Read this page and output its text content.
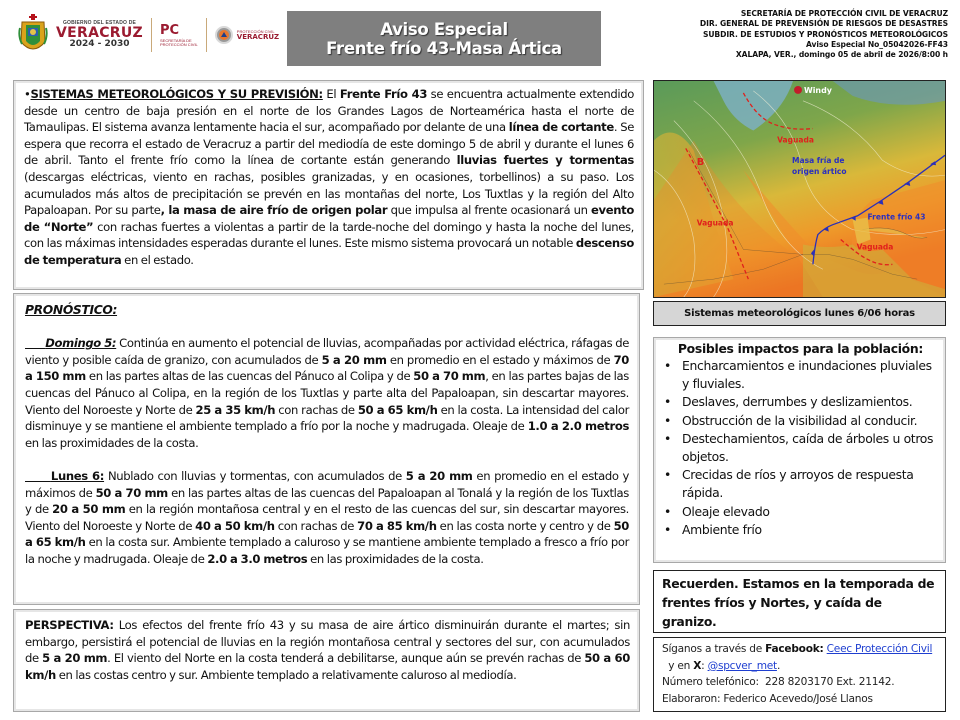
GOBIERNO DEL ESTADO DE
VERACRUZ
2024 - 2030
PC
SECRETARÍA DE
PROTECCIÓN CIVIL
PROTECCIÓN CIVIL
VERACRUZ	Aviso Especial
Frente frío 43-Masa Ártica
SECRETARÍA DE PROTECCIÓN CIVIL DE VERACRUZ
DIR. GENERAL DE PREVENSIÓN DE RIESGOS DE DESASTRES
SUBDIR. DE ESTUDIOS Y PRONÓSTICOS METEOROLÓGICOS
Aviso Especial No_05042026-FF43
XALAPA, VER., domingo 05 de abril de 2026/8:00 h
•SISTEMAS METEOROLÓGICOS Y SU PREVISIÓN: El Frente Frío 43 se encuentra actualmente extendido desde un centro de baja presión en el norte de los Grandes Lagos de Norteamérica hasta el norte de Tamaulipas. El sistema avanza lentamente hacia el sur, acompañado por delante de una línea de cortante. Se espera que recorra el estado de Veracruz a partir del mediodía de este domingo 5 de abril y durante el lunes 6 de abril. Tanto el frente frío como la línea de cortante están generando lluvias fuertes y tormentas (descargas eléctricas, viento en rachas, posibles granizadas, y en ocasiones, torbellinos) a su paso. Los acumulados más altos de precipitación se prevén en las montañas del norte, Los Tuxtlas y la región del Alto Papaloapan. Por su parte, la masa de aire frío de origen polar que impulsa al frente ocasionará un evento de “Norte” con rachas fuertes a violentas a partir de la tarde-noche del domingo y hasta la noche del lunes, con las máximas intensidades esperadas durante el lunes. Este mismo sistema provocará un notable descenso de temperatura en el estado.
PRONÓSTICO:
Domingo 5: Continúa en aumento el potencial de lluvias, acompañadas por actividad eléctrica, ráfagas de viento y posible caída de granizo, con acumulados de 5 a 20 mm en promedio en el estado y máximos de 70 a 150 mm en las partes altas de las cuencas del Pánuco al Colipa y de 50 a 70 mm, en las partes bajas de las cuencas del Pánuco al Colipa, en la región de los Tuxtlas y parte alta del Papaloapan, sin descartar mayores. Viento del Noroeste y Norte de 25 a 35 km/h con rachas de 50 a 65 km/h en la costa. La intensidad del calor disminuye y se mantiene el ambiente templado a frío por la noche y madrugada. Oleaje de 1.0 a 2.0 metros en las proximidades de la costa.
Lunes 6: Nublado con lluvias y tormentas, con acumulados de 5 a 20 mm en promedio en el estado y máximos de 50 a 70 mm en las partes altas de las cuencas del Papaloapan al Tonalá y la región de los Tuxtlas y de 20 a 50 mm en la región montañosa central y en el resto de las cuencas del sur, sin descartar mayores. Viento del Noroeste y Norte de 40 a 50 km/h con rachas de 70 a 85 km/h en las costa norte y centro y de 50 a 65 km/h en la costa sur. Ambiente templado a caluroso y se mantiene ambiente templado a fresco a frío por la noche y madrugada. Oleaje de 2.0 a 3.0 metros en las proximidades de la costa.
PERSPECTIVA: Los efectos del frente frío 43 y su masa de aire ártico disminuirán durante el martes; sin embargo, persistirá el potencial de lluvias en la región montañosa central y sectores del sur, con acumulados de 5 a 20 mm. El viento del Norte en la costa tenderá a debilitarse, aunque aún se prevén rachas de 50 a 60 km/h en las costas centro y sur. Ambiente templado a relativamente caluroso al mediodía.
Windy
Vaguada
Masa fría de
origen ártico
B
Vaguada
Frente frío 43
Vaguada
Sistemas meteorológicos lunes 6/06 horas
Posibles impactos para la población:
• Encharcamientos e inundaciones pluviales y fluviales.
• Deslaves, derrumbes y deslizamientos.
• Obstrucción de la visibilidad al conducir.
• Destechamientos, caída de árboles u otros objetos.
• Crecidas de ríos y arroyos de respuesta rápida.
• Oleaje elevado
• Ambiente frío
Recuerden. Estamos en la temporada de frentes fríos y Nortes, y caída de granizo.
Síganos a través de Facebook: Ceec Protección Civil  y en X: @spcver_met.
Número telefónico:  228 8203170 Ext. 21142.
Elaboraron: Federico Acevedo/José Llanos
